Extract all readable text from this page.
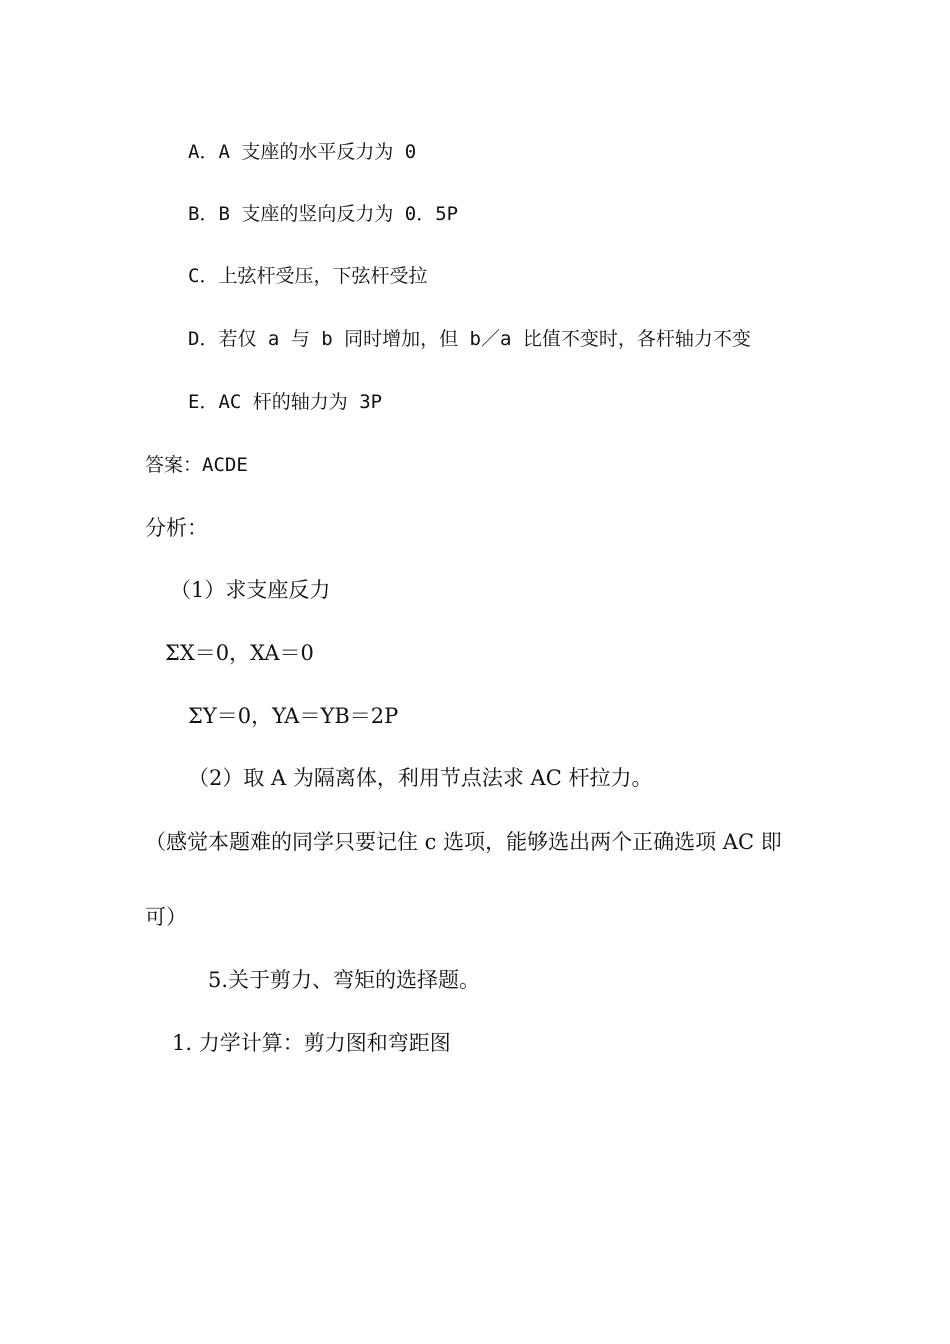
A．A 支座的水平反力为 0
B．B 支座的竖向反力为 0．5P
C．上弦杆受压，下弦杆受拉
D．若仅 a 与 b 同时增加，但 b／a 比值不变时，各杆轴力不变
E．AC 杆的轴力为 3P
答案：ACDE
分析：
（1）求支座反力
ΣX＝0，XA＝0
ΣY＝0，YA＝YB＝2P
（2）取 A 为隔离体，利用节点法求 AC 杆拉力。
（感觉本题难的同学只要记住 c 选项，能够选出两个正确选项 AC 即
可）
5.关于剪力、弯矩的选择题。
1. 力学计算：剪力图和弯距图
